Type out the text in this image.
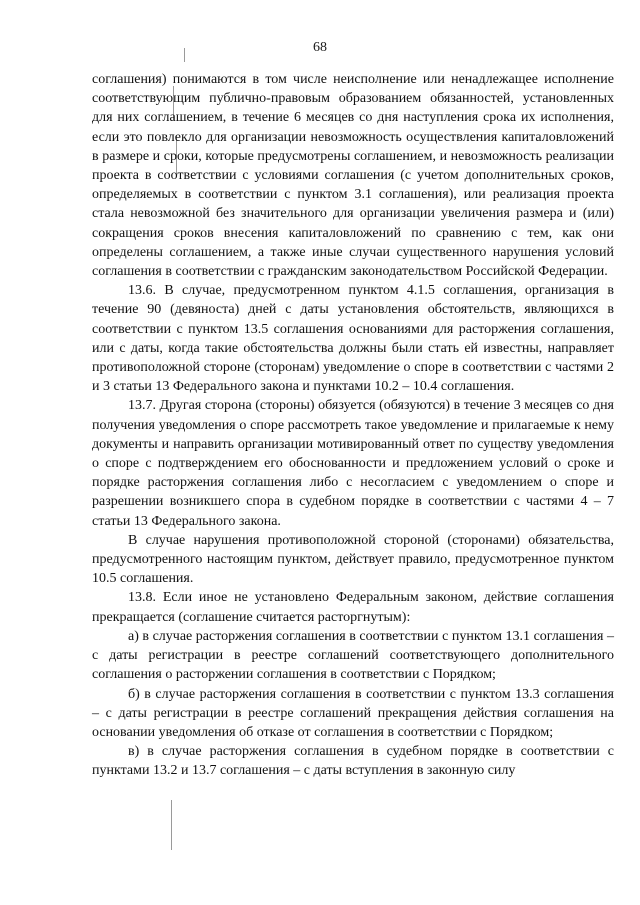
68

соглашения) понимаются в том числе неисполнение или ненадлежащее исполнение соответствующим публично-правовым образованием обязанностей, установленных для них соглашением, в течение 6 месяцев со дня наступления срока их исполнения, если это повлекло для организации невозможность осуществления капиталовложений в размере и сроки, которые предусмотрены соглашением, и невозможность реализации проекта в соответствии с условиями соглашения (с учетом дополнительных сроков, определяемых в соответствии с пунктом 3.1 соглашения), или реализация проекта стала невозможной без значительного для организации увеличения размера и (или) сокращения сроков внесения капиталовложений по сравнению с тем, как они определены соглашением, а также иные случаи существенного нарушения условий соглашения в соответствии с гражданским законодательством Российской Федерации.

13.6. В случае, предусмотренном пунктом 4.1.5 соглашения, организация в течение 90 (девяноста) дней с даты установления обстоятельств, являющихся в соответствии с пунктом 13.5 соглашения основаниями для расторжения соглашения, или с даты, когда такие обстоятельства должны были стать ей известны, направляет противоположной стороне (сторонам) уведомление о споре в соответствии с частями 2 и 3 статьи 13 Федерального закона и пунктами 10.2 – 10.4 соглашения.

13.7. Другая сторона (стороны) обязуется (обязуются) в течение 3 месяцев со дня получения уведомления о споре рассмотреть такое уведомление и прилагаемые к нему документы и направить организации мотивированный ответ по существу уведомления о споре с подтверждением его обоснованности и предложением условий о сроке и порядке расторжения соглашения либо с несогласием с уведомлением о споре и разрешении возникшего спора в судебном порядке в соответствии с частями 4 – 7 статьи 13 Федерального закона.

В случае нарушения противоположной стороной (сторонами) обязательства, предусмотренного настоящим пунктом, действует правило, предусмотренное пунктом 10.5 соглашения.

13.8. Если иное не установлено Федеральным законом, действие соглашения прекращается (соглашение считается расторгнутым):

а) в случае расторжения соглашения в соответствии с пунктом 13.1 соглашения – с даты регистрации в реестре соглашений соответствующего дополнительного соглашения о расторжении соглашения в соответствии с Порядком;

б) в случае расторжения соглашения в соответствии с пунктом 13.3 соглашения – с даты регистрации в реестре соглашений прекращения действия соглашения на основании уведомления об отказе от соглашения в соответствии с Порядком;

в) в случае расторжения соглашения в судебном порядке в соответствии с пунктами 13.2 и 13.7 соглашения – с даты вступления в законную силу
